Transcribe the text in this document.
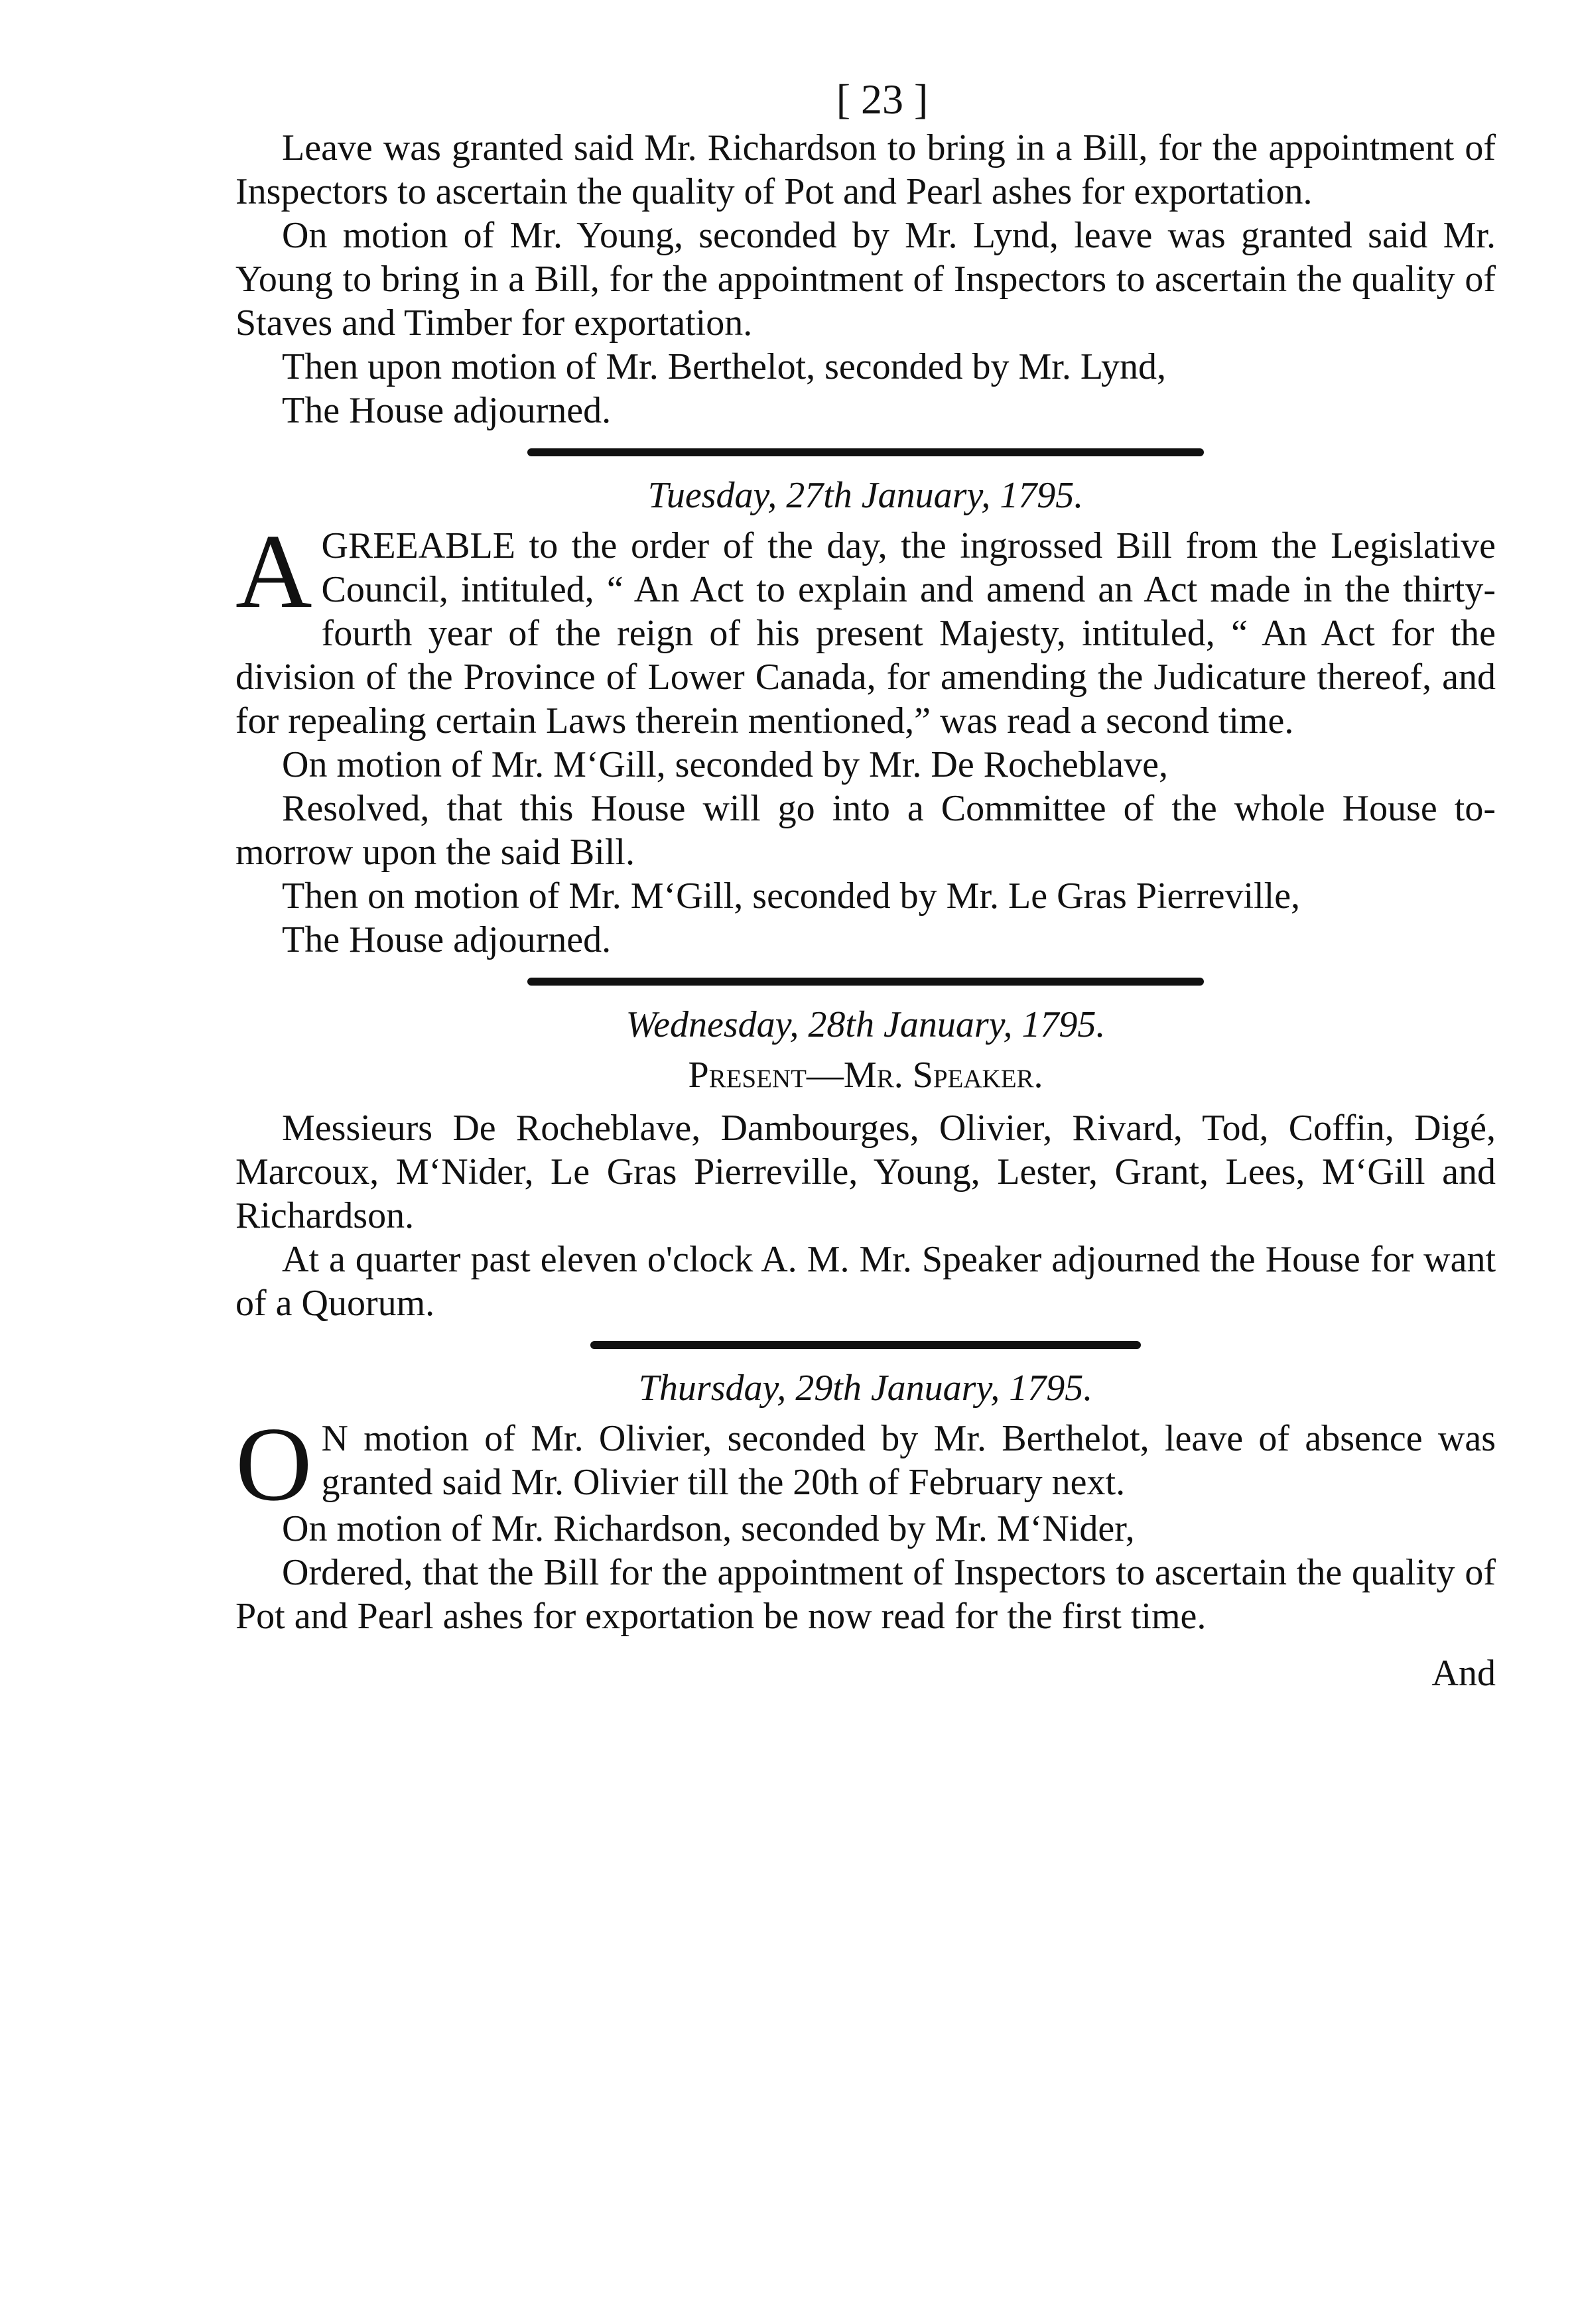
[ 23 ]

Leave was granted said Mr. Richardson to bring in a Bill, for the appointment of Inspectors to ascertain the quality of Pot and Pearl ashes for exportation.

On motion of Mr. Young, seconded by Mr. Lynd, leave was granted said Mr. Young to bring in a Bill, for the appointment of Inspectors to ascertain the quality of Staves and Timber for exportation.

Then upon motion of Mr. Berthelot, seconded by Mr. Lynd,

The House adjourned.

Tuesday, 27th January, 1795.

AGREEABLE to the order of the day, the ingrossed Bill from the Legislative Council, intituled, “ An Act to explain and amend an Act made in the thirty-fourth year of the reign of his present Majesty, intituled, “ An Act for the division of the Province of Lower Canada, for amending the Judicature thereof, and for repealing certain Laws therein mentioned,” was read a second time.

On motion of Mr. M‘Gill, seconded by Mr. De Rocheblave,

Resolved, that this House will go into a Committee of the whole House to-morrow upon the said Bill.

Then on motion of Mr. M‘Gill, seconded by Mr. Le Gras Pierreville,

The House adjourned.

Wednesday, 28th January, 1795.

Present—Mr. Speaker.

Messieurs De Rocheblave, Dambourges, Olivier, Rivard, Tod, Coffin, Digé, Marcoux, M‘Nider, Le Gras Pierreville, Young, Lester, Grant, Lees, M‘Gill and Richardson.

At a quarter past eleven o'clock A. M. Mr. Speaker adjourned the House for want of a Quorum.

Thursday, 29th January, 1795.

O N motion of Mr. Olivier, seconded by Mr. Berthelot, leave of absence was granted said Mr. Olivier till the 20th of February next.

On motion of Mr. Richardson, seconded by Mr. M‘Nider,

Ordered, that the Bill for the appointment of Inspectors to ascertain the quality of Pot and Pearl ashes for exportation be now read for the first time.

And
